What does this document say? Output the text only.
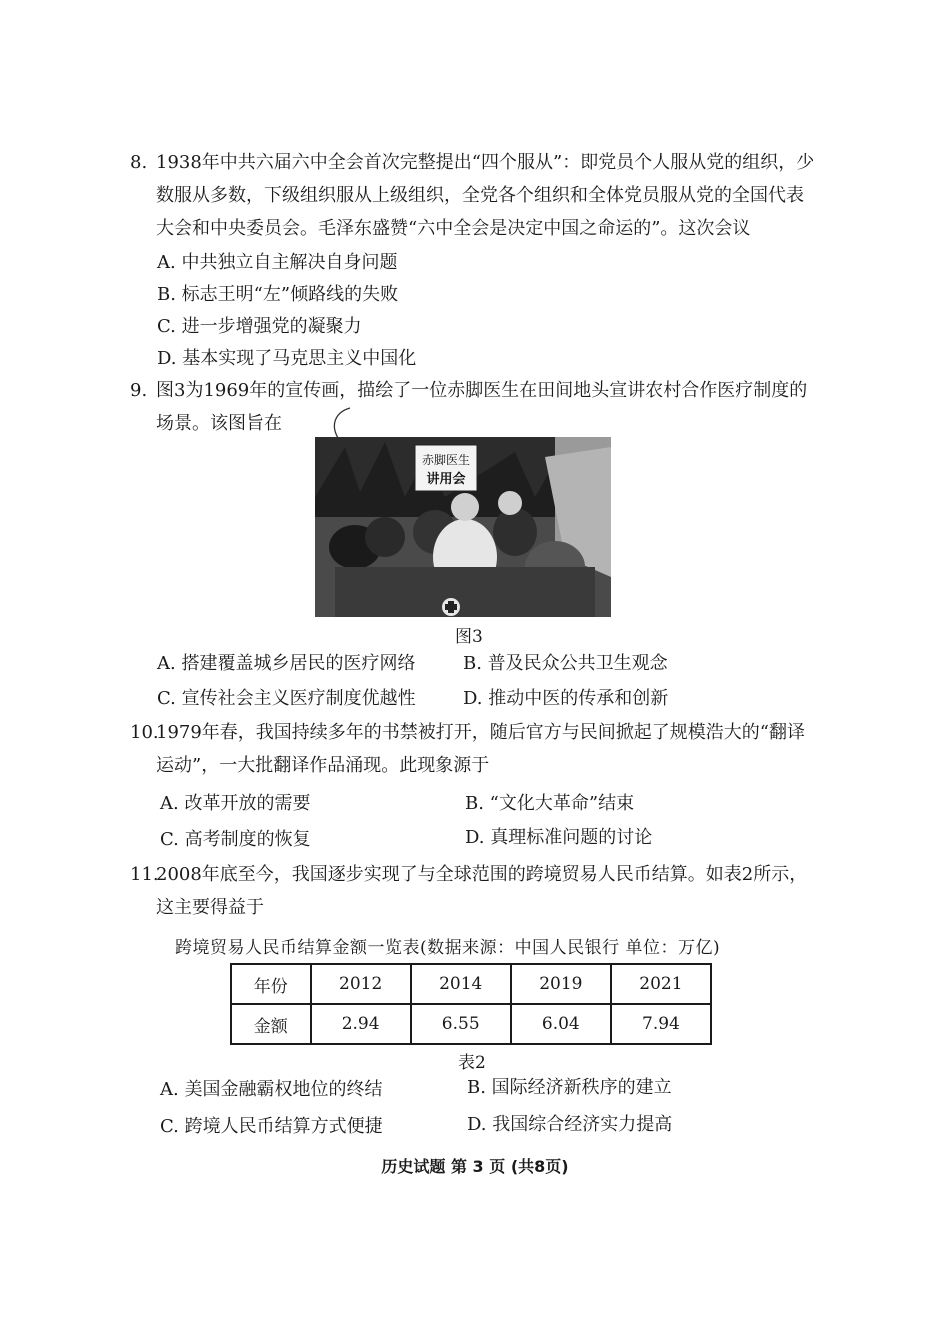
8. 1938年中共六届六中全会首次完整提出“四个服从”：即党员个人服从党的组织，少数服从多数，下级组织服从上级组织，全党各个组织和全体党员服从党的全国代表大会和中央委员会。毛泽东盛赞“六中全会是决定中国之命运的”。这次会议
A. 中共独立自主解决自身问题
B. 标志王明“左”倾路线的失败
C. 进一步增强党的凝聚力
D. 基本实现了马克思主义中国化
9. 图3为1969年的宣传画，描绘了一位赤脚医生在田间地头宣讲农村合作医疗制度的场景。该图旨在
赤脚医生
讲用会
图3
A. 搭建覆盖城乡居民的医疗网络	B. 普及民众公共卫生观念
C. 宣传社会主义医疗制度优越性	D. 推动中医的传承和创新
10.
1979年春，我国持续多年的书禁被打开，随后官方与民间掀起了规模浩大的“翻译运动”，一大批翻译作品涌现。此现象源于
A. 改革开放的需要	B. “文化大革命”结束
C. 高考制度的恢复	D. 真理标准问题的讨论
11.
2008年底至今，我国逐步实现了与全球范围的跨境贸易人民币结算。如表2所示，这主要得益于
跨境贸易人民币结算金额一览表(数据来源：中国人民银行 单位：万亿)
年份	2012	2014	2019	2021
金额	2.94	6.55	6.04	7.94
表2
A. 美国金融霸权地位的终结	B. 国际经济新秩序的建立
C. 跨境人民币结算方式便捷	D. 我国综合经济实力提高
历史试题 第 3 页 (共8页)
